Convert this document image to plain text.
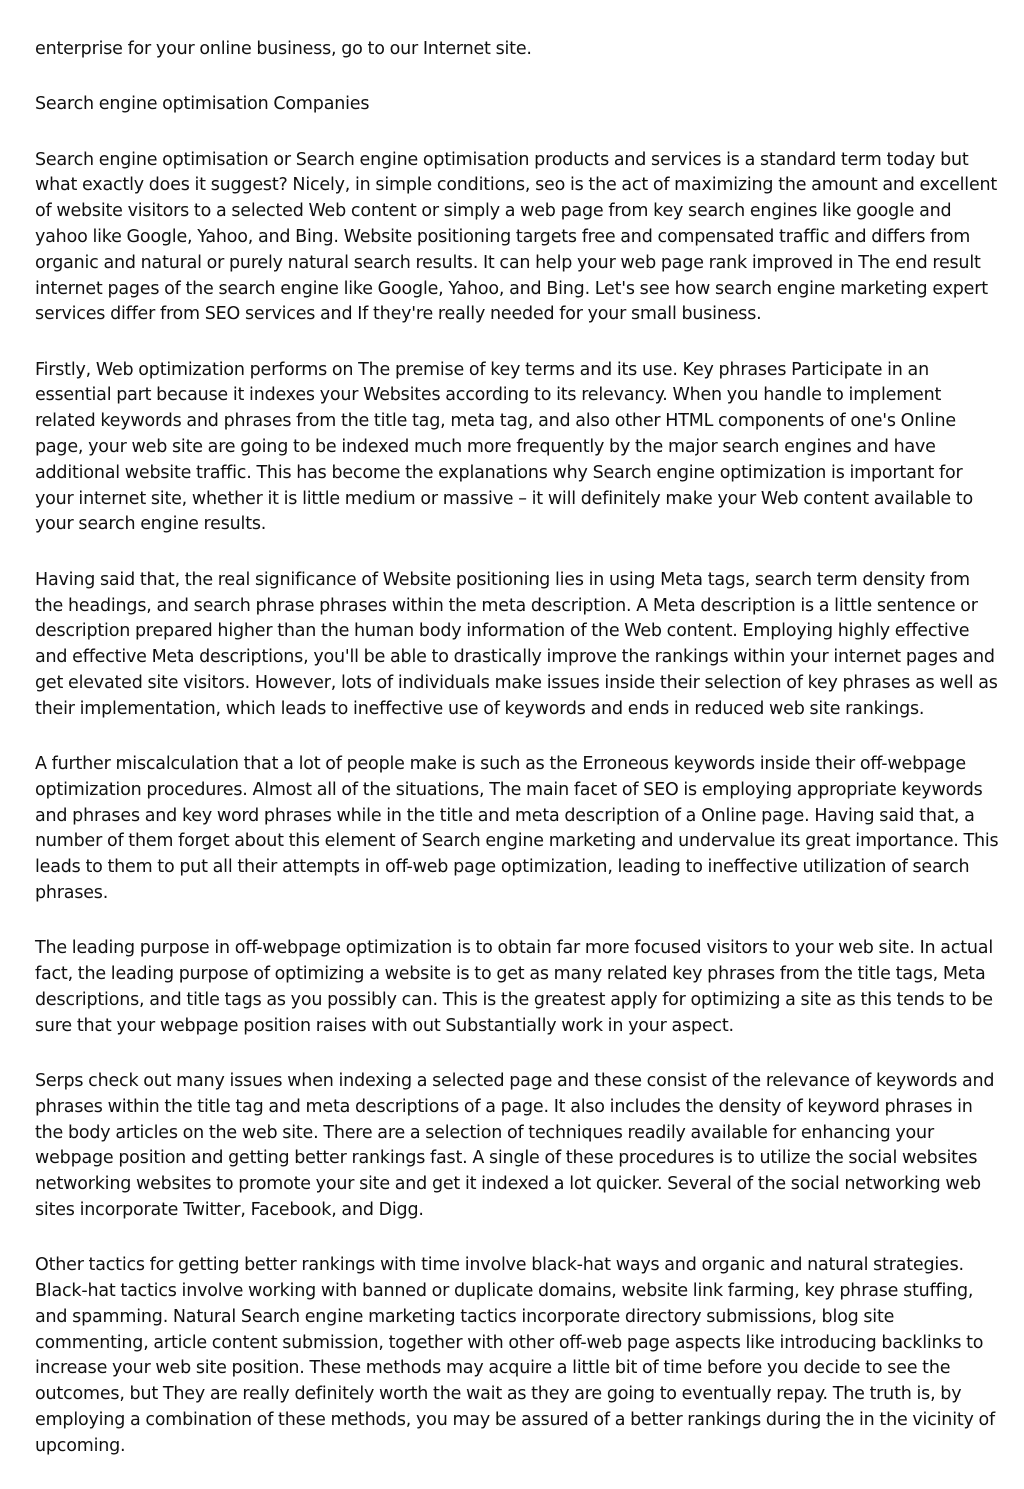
enterprise for your online business, go to our Internet site.

Search engine optimisation Companies

Search engine optimisation or Search engine optimisation products and services is a standard term today but what exactly does it suggest? Nicely, in simple conditions, seo is the act of maximizing the amount and excellent of website visitors to a selected Web content or simply a web page from key search engines like google and yahoo like Google, Yahoo, and Bing. Website positioning targets free and compensated traffic and differs from organic and natural or purely natural search results. It can help your web page rank improved in The end result internet pages of the search engine like Google, Yahoo, and Bing. Let's see how search engine marketing expert services differ from SEO services and If they're really needed for your small business.

Firstly, Web optimization performs on The premise of key terms and its use. Key phrases Participate in an essential part because it indexes your Websites according to its relevancy. When you handle to implement related keywords and phrases from the title tag, meta tag, and also other HTML components of one's Online page, your web site are going to be indexed much more frequently by the major search engines and have additional website traffic. This has become the explanations why Search engine optimization is important for your internet site, whether it is little medium or massive – it will definitely make your Web content available to your search engine results.

Having said that, the real significance of Website positioning lies in using Meta tags, search term density from the headings, and search phrase phrases within the meta description. A Meta description is a little sentence or description prepared higher than the human body information of the Web content. Employing highly effective and effective Meta descriptions, you'll be able to drastically improve the rankings within your internet pages and get elevated site visitors. However, lots of individuals make issues inside their selection of key phrases as well as their implementation, which leads to ineffective use of keywords and ends in reduced web site rankings.

A further miscalculation that a lot of people make is such as the Erroneous keywords inside their off-webpage optimization procedures. Almost all of the situations, The main facet of SEO is employing appropriate keywords and phrases and key word phrases while in the title and meta description of a Online page. Having said that, a number of them forget about this element of Search engine marketing and undervalue its great importance. This leads to them to put all their attempts in off-web page optimization, leading to ineffective utilization of search phrases.

The leading purpose in off-webpage optimization is to obtain far more focused visitors to your web site. In actual fact, the leading purpose of optimizing a website is to get as many related key phrases from the title tags, Meta descriptions, and title tags as you possibly can. This is the greatest apply for optimizing a site as this tends to be sure that your webpage position raises with out Substantially work in your aspect.

Serps check out many issues when indexing a selected page and these consist of the relevance of keywords and phrases within the title tag and meta descriptions of a page. It also includes the density of keyword phrases in the body articles on the web site. There are a selection of techniques readily available for enhancing your webpage position and getting better rankings fast. A single of these procedures is to utilize the social websites networking websites to promote your site and get it indexed a lot quicker. Several of the social networking web sites incorporate Twitter, Facebook, and Digg.

Other tactics for getting better rankings with time involve black-hat ways and organic and natural strategies. Black-hat tactics involve working with banned or duplicate domains, website link farming, key phrase stuffing, and spamming. Natural Search engine marketing tactics incorporate directory submissions, blog site commenting, article content submission, together with other off-web page aspects like introducing backlinks to increase your web site position. These methods may acquire a little bit of time before you decide to see the outcomes, but They are really definitely worth the wait as they are going to eventually repay. The truth is, by employing a combination of these methods, you may be assured of a better rankings during the in the vicinity of upcoming.
